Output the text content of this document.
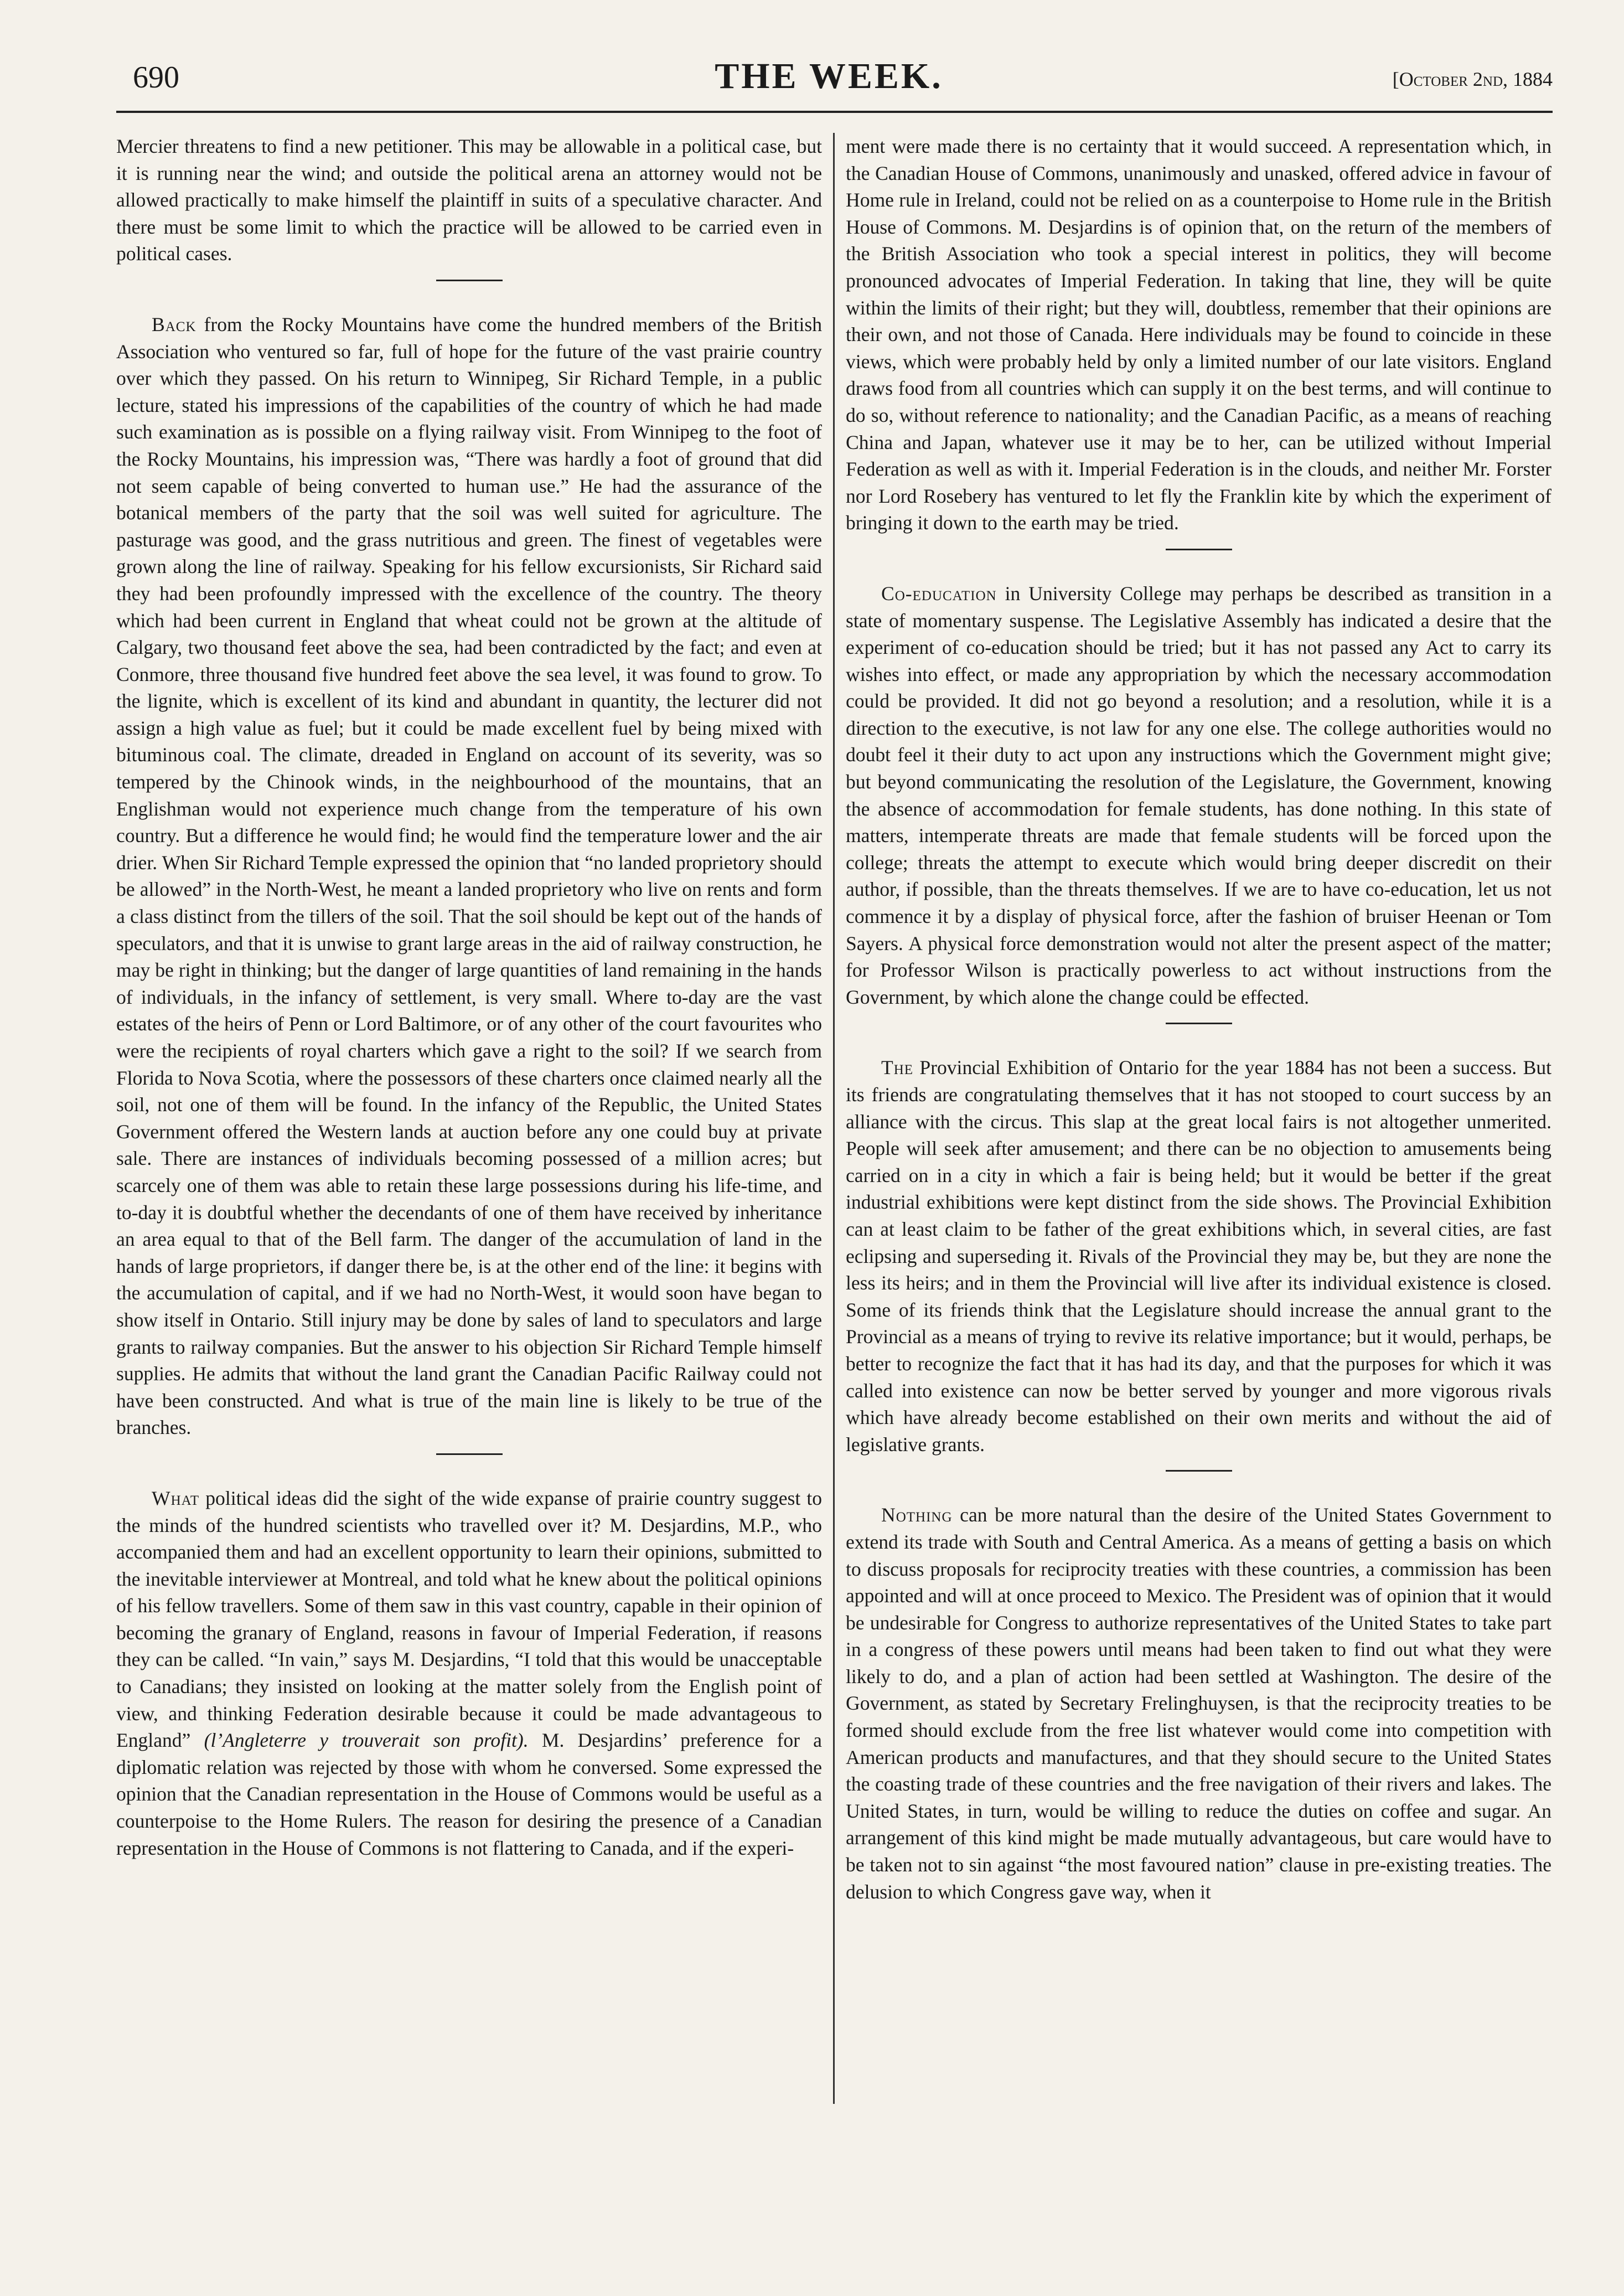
690	THE WEEK.	[October 2nd, 1884

Mercier threatens to find a new petitioner. This may be allowable in a political case, but it is running near the wind; and outside the political arena an attorney would not be allowed practically to make himself the plaintiff in suits of a speculative character. And there must be some limit to which the practice will be allowed to be carried even in political cases.

Back from the Rocky Mountains have come the hundred members of the British Association who ventured so far, full of hope for the future of the vast prairie country over which they passed. On his return to Winnipeg, Sir Richard Temple, in a public lecture, stated his impressions of the capabilities of the country of which he had made such examination as is possible on a flying railway visit. From Winnipeg to the foot of the Rocky Mountains, his impression was, “There was hardly a foot of ground that did not seem capable of being converted to human use.” He had the assurance of the botanical members of the party that the soil was well suited for agriculture. The pasturage was good, and the grass nutritious and green. The finest of vegetables were grown along the line of railway. Speaking for his fellow excursionists, Sir Richard said they had been profoundly impressed with the excellence of the country. The theory which had been current in England that wheat could not be grown at the altitude of Calgary, two thousand feet above the sea, had been contradicted by the fact; and even at Conmore, three thousand five hundred feet above the sea level, it was found to grow. To the lignite, which is excellent of its kind and abundant in quantity, the lecturer did not assign a high value as fuel; but it could be made excellent fuel by being mixed with bituminous coal. The climate, dreaded in England on account of its severity, was so tempered by the Chinook winds, in the neighbourhood of the mountains, that an Englishman would not experience much change from the temperature of his own country. But a difference he would find; he would find the temperature lower and the air drier. When Sir Richard Temple expressed the opinion that “no landed proprietory should be allowed” in the North-West, he meant a landed proprietory who live on rents and form a class distinct from the tillers of the soil. That the soil should be kept out of the hands of speculators, and that it is unwise to grant large areas in the aid of railway construction, he may be right in thinking; but the danger of large quantities of land remaining in the hands of individuals, in the infancy of settlement, is very small. Where to-day are the vast estates of the heirs of Penn or Lord Baltimore, or of any other of the court favourites who were the recipients of royal charters which gave a right to the soil? If we search from Florida to Nova Scotia, where the possessors of these charters once claimed nearly all the soil, not one of them will be found. In the infancy of the Republic, the United States Government offered the Western lands at auction before any one could buy at private sale. There are instances of individuals becoming possessed of a million acres; but scarcely one of them was able to retain these large possessions during his life-time, and to-day it is doubtful whether the decendants of one of them have received by inheritance an area equal to that of the Bell farm. The danger of the accumulation of land in the hands of large proprietors, if danger there be, is at the other end of the line: it begins with the accumulation of capital, and if we had no North-West, it would soon have began to show itself in Ontario. Still injury may be done by sales of land to speculators and large grants to railway companies. But the answer to his objection Sir Richard Temple himself supplies. He admits that without the land grant the Canadian Pacific Railway could not have been constructed. And what is true of the main line is likely to be true of the branches.

What political ideas did the sight of the wide expanse of prairie country suggest to the minds of the hundred scientists who travelled over it? M. Desjardins, M.P., who accompanied them and had an excellent opportunity to learn their opinions, submitted to the inevitable interviewer at Montreal, and told what he knew about the political opinions of his fellow travellers. Some of them saw in this vast country, capable in their opinion of becoming the granary of England, reasons in favour of Imperial Federation, if reasons they can be called. “In vain,” says M. Desjardins, “I told that this would be unacceptable to Canadians; they insisted on looking at the matter solely from the English point of view, and thinking Federation desirable because it could be made advantageous to England” (l’Angleterre y trouverait son profit). M. Desjardins’ preference for a diplomatic relation was rejected by those with whom he conversed. Some expressed the opinion that the Canadian representation in the House of Commons would be useful as a counterpoise to the Home Rulers. The reason for desiring the presence of a Canadian representation in the House of Commons is not flattering to Canada, and if the experi-

ment were made there is no certainty that it would succeed. A representation which, in the Canadian House of Commons, unanimously and unasked, offered advice in favour of Home rule in Ireland, could not be relied on as a counterpoise to Home rule in the British House of Commons. M. Desjardins is of opinion that, on the return of the members of the British Association who took a special interest in politics, they will become pronounced advocates of Imperial Federation. In taking that line, they will be quite within the limits of their right; but they will, doubtless, remember that their opinions are their own, and not those of Canada. Here individuals may be found to coincide in these views, which were probably held by only a limited number of our late visitors. England draws food from all countries which can supply it on the best terms, and will continue to do so, without reference to nationality; and the Canadian Pacific, as a means of reaching China and Japan, whatever use it may be to her, can be utilized without Imperial Federation as well as with it. Imperial Federation is in the clouds, and neither Mr. Forster nor Lord Rosebery has ventured to let fly the Franklin kite by which the experiment of bringing it down to the earth may be tried.

Co-education in University College may perhaps be described as transition in a state of momentary suspense. The Legislative Assembly has indicated a desire that the experiment of co-education should be tried; but it has not passed any Act to carry its wishes into effect, or made any appropriation by which the necessary accommodation could be provided. It did not go beyond a resolution; and a resolution, while it is a direction to the executive, is not law for any one else. The college authorities would no doubt feel it their duty to act upon any instructions which the Government might give; but beyond communicating the resolution of the Legislature, the Government, knowing the absence of accommodation for female students, has done nothing. In this state of matters, intemperate threats are made that female students will be forced upon the college; threats the attempt to execute which would bring deeper discredit on their author, if possible, than the threats themselves. If we are to have co-education, let us not commence it by a display of physical force, after the fashion of bruiser Heenan or Tom Sayers. A physical force demonstration would not alter the present aspect of the matter; for Professor Wilson is practically powerless to act without instructions from the Government, by which alone the change could be effected.

The Provincial Exhibition of Ontario for the year 1884 has not been a success. But its friends are congratulating themselves that it has not stooped to court success by an alliance with the circus. This slap at the great local fairs is not altogether unmerited. People will seek after amusement; and there can be no objection to amusements being carried on in a city in which a fair is being held; but it would be better if the great industrial exhibitions were kept distinct from the side shows. The Provincial Exhibition can at least claim to be father of the great exhibitions which, in several cities, are fast eclipsing and superseding it. Rivals of the Provincial they may be, but they are none the less its heirs; and in them the Provincial will live after its individual existence is closed. Some of its friends think that the Legislature should increase the annual grant to the Provincial as a means of trying to revive its relative importance; but it would, perhaps, be better to recognize the fact that it has had its day, and that the purposes for which it was called into existence can now be better served by younger and more vigorous rivals which have already become established on their own merits and without the aid of legislative grants.

Nothing can be more natural than the desire of the United States Government to extend its trade with South and Central America. As a means of getting a basis on which to discuss proposals for reciprocity treaties with these countries, a commission has been appointed and will at once proceed to Mexico. The President was of opinion that it would be undesirable for Congress to authorize representatives of the United States to take part in a congress of these powers until means had been taken to find out what they were likely to do, and a plan of action had been settled at Washington. The desire of the Government, as stated by Secretary Frelinghuysen, is that the reciprocity treaties to be formed should exclude from the free list whatever would come into competition with American products and manufactures, and that they should secure to the United States the coasting trade of these countries and the free navigation of their rivers and lakes. The United States, in turn, would be willing to reduce the duties on coffee and sugar. An arrangement of this kind might be made mutually advantageous, but care would have to be taken not to sin against “the most favoured nation” clause in pre-existing treaties. The delusion to which Congress gave way, when it
